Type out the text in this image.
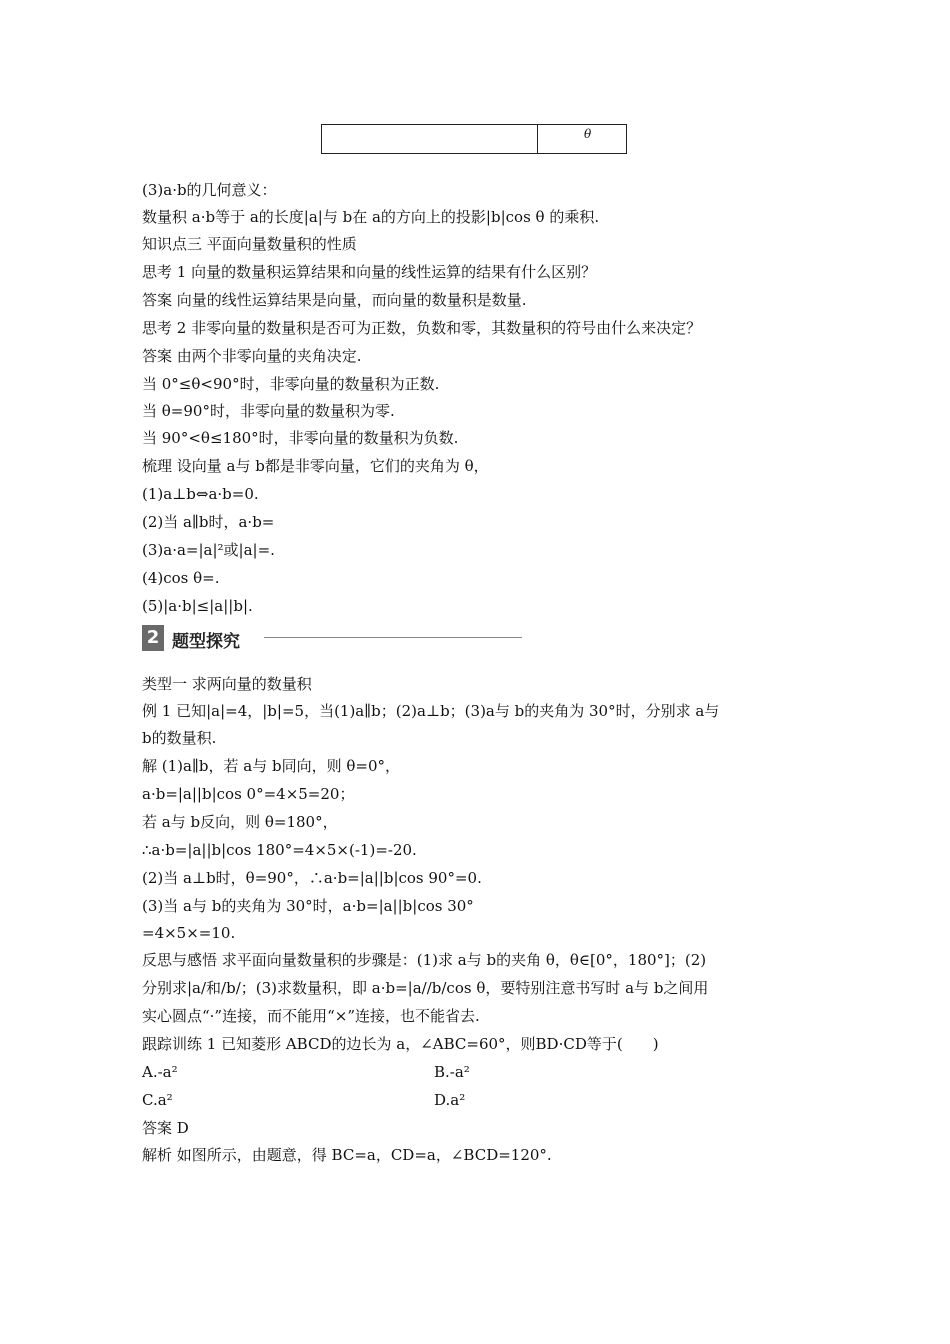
θ
(3)a·b的几何意义：
数量积 a·b等于 a的长度|a|与 b在 a的方向上的投影|b|cos θ 的乘积.
知识点三 平面向量数量积的性质
思考 1 向量的数量积运算结果和向量的线性运算的结果有什么区别？
答案 向量的线性运算结果是向量，而向量的数量积是数量.
思考 2 非零向量的数量积是否可为正数，负数和零，其数量积的符号由什么来决定？
答案 由两个非零向量的夹角决定.
当 0°≤θ<90°时，非零向量的数量积为正数.
当 θ=90°时，非零向量的数量积为零.
当 90°<θ≤180°时，非零向量的数量积为负数.
梳理 设向量 a与 b都是非零向量，它们的夹角为 θ，
(1)a⊥b⇔a·b=0.
(2)当 a∥b时，a·b=
(3)a·a=|a|²或|a|=.
(4)cos θ=.
(5)|a·b|≤|a||b|.
2 题型探究
类型一 求两向量的数量积
例 1 已知|a|=4，|b|=5，当(1)a∥b；(2)a⊥b；(3)a与 b的夹角为 30°时，分别求 a与
b的数量积.
解 (1)a∥b，若 a与 b同向，则 θ=0°，
a·b=|a||b|cos 0°=4×5=20；
若 a与 b反向，则 θ=180°，
∴a·b=|a||b|cos 180°=4×5×(-1)=-20.
(2)当 a⊥b时，θ=90°，∴a·b=|a||b|cos 90°=0.
(3)当 a与 b的夹角为 30°时，a·b=|a||b|cos 30°
=4×5×=10.
反思与感悟 求平面向量数量积的步骤是：(1)求 a与 b的夹角 θ，θ∈[0°，180°]；(2)
分别求|a/和/b/；(3)求数量积，即 a·b=|a//b/cos θ，要特别注意书写时 a与 b之间用
实心圆点“·”连接，而不能用“×”连接，也不能省去.
跟踪训练 1 已知菱形 ABCD的边长为 a，∠ABC=60°，则BD·CD等于(　　)
A.-a²	B.-a²
C.a²	D.a²
答案 D
解析 如图所示，由题意，得 BC=a，CD=a，∠BCD=120°.
